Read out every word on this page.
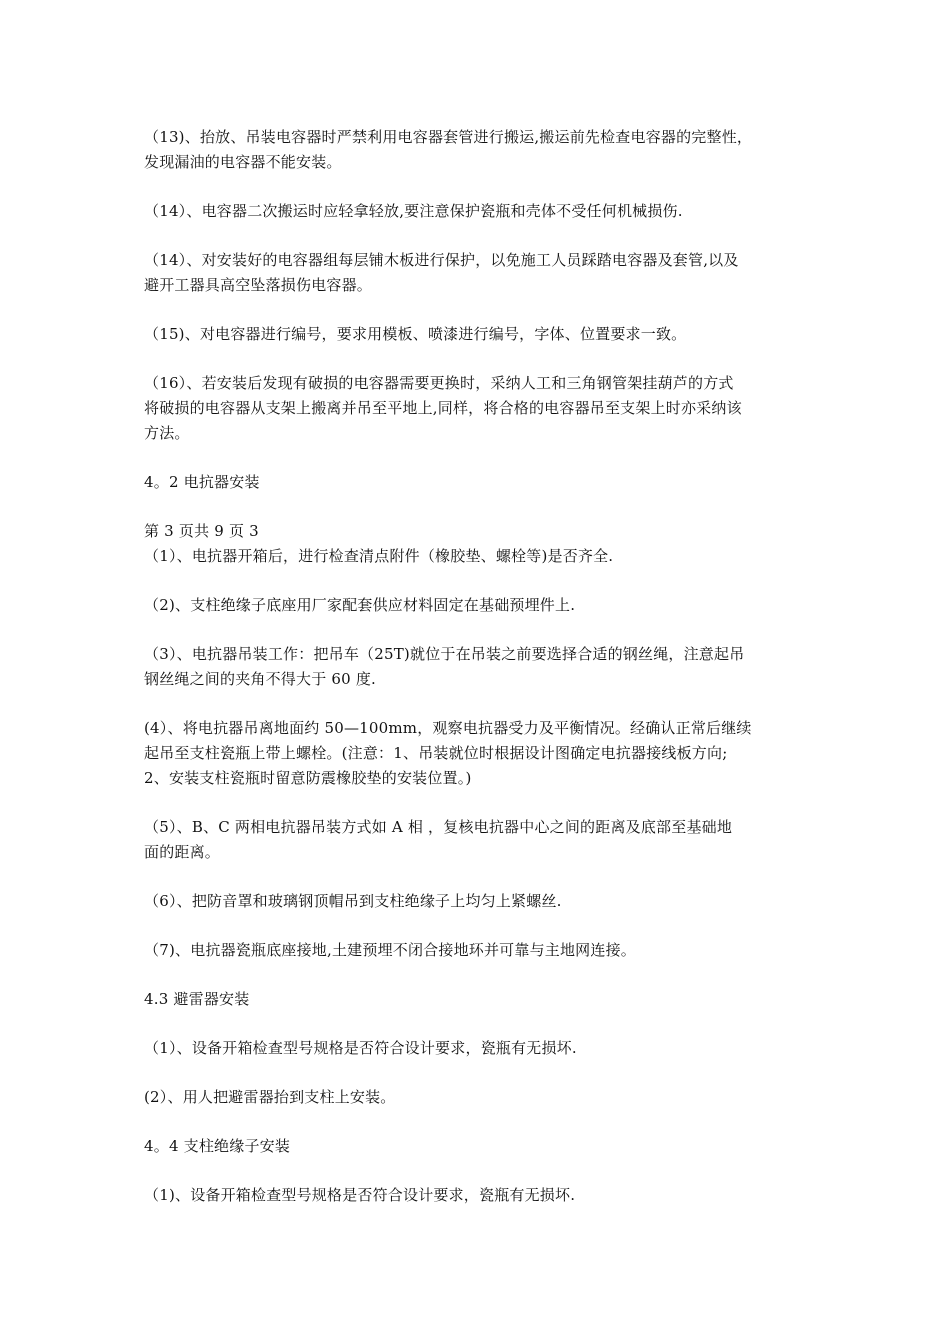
（13)、抬放、吊装电容器时严禁利用电容器套管进行搬运,搬运前先检查电容器的完整性，
发现漏油的电容器不能安装。
（14）、电容器二次搬运时应轻拿轻放,要注意保护瓷瓶和壳体不受任何机械损伤.
（14）、对安装好的电容器组每层铺木板进行保护，以免施工人员踩踏电容器及套管,以及
避开工器具高空坠落损伤电容器。
（15)、对电容器进行编号，要求用模板、喷漆进行编号，字体、位置要求一致。
（16）、若安装后发现有破损的电容器需要更换时，采纳人工和三角钢管架挂葫芦的方式
将破损的电容器从支架上搬离并吊至平地上,同样，将合格的电容器吊至支架上时亦采纳该
方法。
4。2 电抗器安装
第 3 页共 9 页 3
（1）、电抗器开箱后，进行检查清点附件（橡胶垫、螺栓等)是否齐全.
（2)、支柱绝缘子底座用厂家配套供应材料固定在基础预埋件上.
（3）、电抗器吊装工作：把吊车（25T)就位于在吊装之前要选择合适的钢丝绳，注意起吊
钢丝绳之间的夹角不得大于 60 度.
(4）、将电抗器吊离地面约 50—100mm，观察电抗器受力及平衡情况。经确认正常后继续
起吊至支柱瓷瓶上带上螺栓。(注意：1、吊装就位时根据设计图确定电抗器接线板方向;
2、安装支柱瓷瓶时留意防震橡胶垫的安装位置。)
（5）、B、C 两相电抗器吊装方式如 A 相 ，复核电抗器中心之间的距离及底部至基础地
面的距离。
（6）、把防音罩和玻璃钢顶帽吊到支柱绝缘子上均匀上紧螺丝.
（7)、电抗器瓷瓶底座接地,土建预埋不闭合接地环并可靠与主地网连接。
4.3 避雷器安装
（1）、设备开箱检查型号规格是否符合设计要求，瓷瓶有无损坏.
(2）、用人把避雷器抬到支柱上安装。
4。4 支柱绝缘子安装
（1)、设备开箱检查型号规格是否符合设计要求，瓷瓶有无损坏.
